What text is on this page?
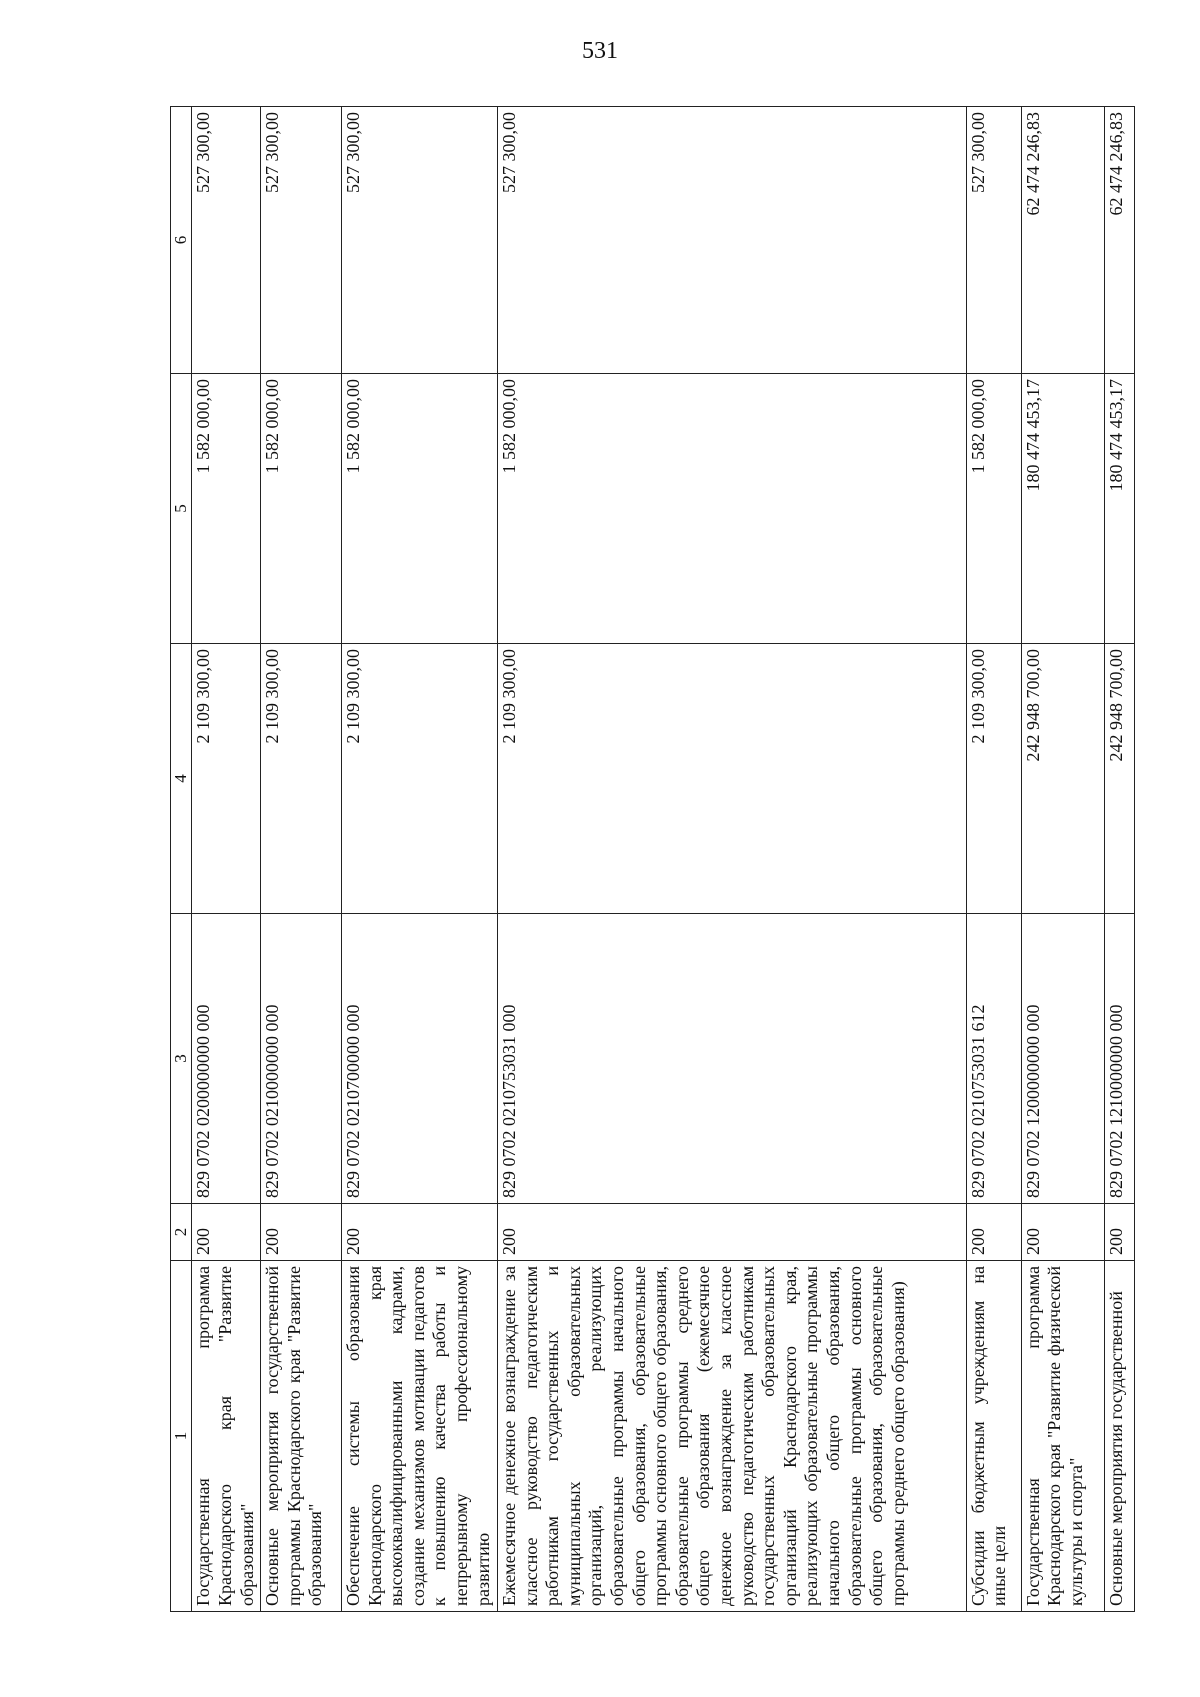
531
1	2	3	4	5	6
Государственная программа Краснодарского края "Развитие образования"	200	829 0702 0200000000 000	2 109 300,00	1 582 000,00	527 300,00
Основные мероприятия государственной программы Краснодарского края "Развитие образования"	200	829 0702 0210000000 000	2 109 300,00	1 582 000,00	527 300,00
Обеспечение системы образования Краснодарского края высококвалифицированными кадрами, создание механизмов мотивации педагогов к повышению качества работы и непрерывному профессиональному развитию	200	829 0702 0210700000 000	2 109 300,00	1 582 000,00	527 300,00
Ежемесячное денежное вознаграждение за классное руководство педагогическим работникам государственных и муниципальных образовательных организаций, реализующих образовательные программы начального общего образования, образовательные программы основного общего образования, образовательные программы среднего общего образования (ежемесячное денежное вознаграждение за классное руководство педагогическим работникам государственных образовательных организаций Краснодарского края, реализующих образовательные программы начального общего образования, образовательные программы основного общего образования, образовательные программы среднего общего образования)	200	829 0702 0210753031 000	2 109 300,00	1 582 000,00	527 300,00
Субсидии бюджетным учреждениям на иные цели	200	829 0702 0210753031 612	2 109 300,00	1 582 000,00	527 300,00
Государственная программа Краснодарского края "Развитие физической культуры и спорта"	200	829 0702 1200000000 000	242 948 700,00	180 474 453,17	62 474 246,83
Основные мероприятия государственной	200	829 0702 1210000000 000	242 948 700,00	180 474 453,17	62 474 246,83
